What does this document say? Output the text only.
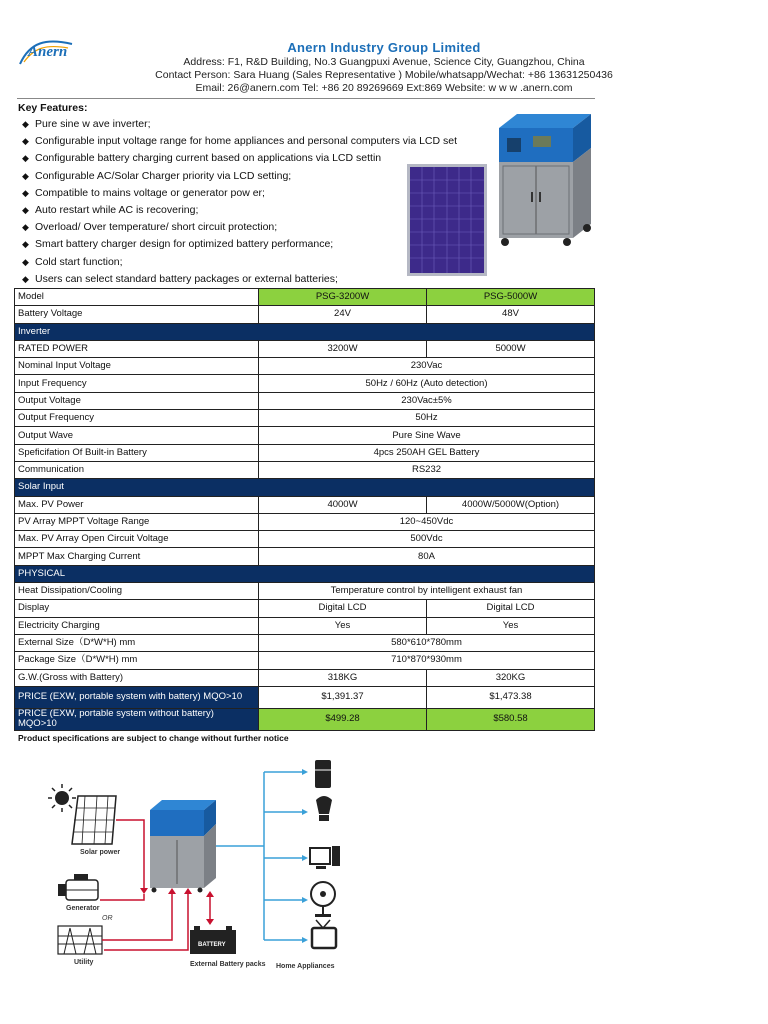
Anern	Anern Industry Group Limited
Address: F1, R&D Building, No.3 Guangpuxi Avenue, Science City, Guangzhou, China
Contact Person: Sara Huang (Sales Representative ) Mobile/whatsapp/Wechat: +86 13631250436
Email: 26@anern.com Tel: +86 20 89269669 Ext:869 Website: w w w .anern.com
Key Features:
◆ Pure sine w ave inverter;
◆ Configurable input voltage range for home appliances and personal computers via LCD set
◆ Configurable battery charging current based on applications via LCD settin
◆ Configurable AC/Solar Charger priority via LCD setting;
◆ Compatible to mains voltage or generator pow er;
◆ Auto restart while AC is recovering;
◆ Overload/ Over temperature/ short circuit protection;
◆ Smart battery charger design for optimized battery performance;
◆ Cold start function;
◆ Users can select standard battery packages or external batteries;
Model	PSG-3200W	PSG-5000W
Battery Voltage	24V	48V
Inverter		
RATED POWER	3200W	5000W
Nominal Input Voltage	230Vac	
Input Frequency	50Hz / 60Hz (Auto detection)	
Output Voltage	230Vac±5%	
Output Frequency	50Hz	
Output Wave	Pure Sine Wave	
Speficifation Of Built-in Battery	4pcs 250AH GEL Battery	
Communication	RS232	
Solar Input		
Max. PV Power	4000W	4000W/5000W(Option)
PV Array MPPT Voltage Range	120~450Vdc	
Max. PV Array Open Circuit Voltage	500Vdc	
MPPT Max Charging Current	80A	
PHYSICAL		
Heat Dissipation/Cooling	Temperature control by intelligent exhaust fan	
Display	Digital LCD	Digital LCD
Electricity Charging	Yes	Yes
External Size（D*W*H) mm	580*610*780mm	
Package Size（D*W*H) mm	710*870*930mm	
G.W.(Gross with Battery)	318KG	320KG
PRICE (EXW, portable system with battery) MQO>10	$1,391.37	$1,473.38
PRICE (EXW, portable system without battery) MQO>10	$499.28	$580.58
Product specifications are subject to change without further notice
Solar power
Generator
OR
Utility
BATTERY
External Battery packs Home Appliances
